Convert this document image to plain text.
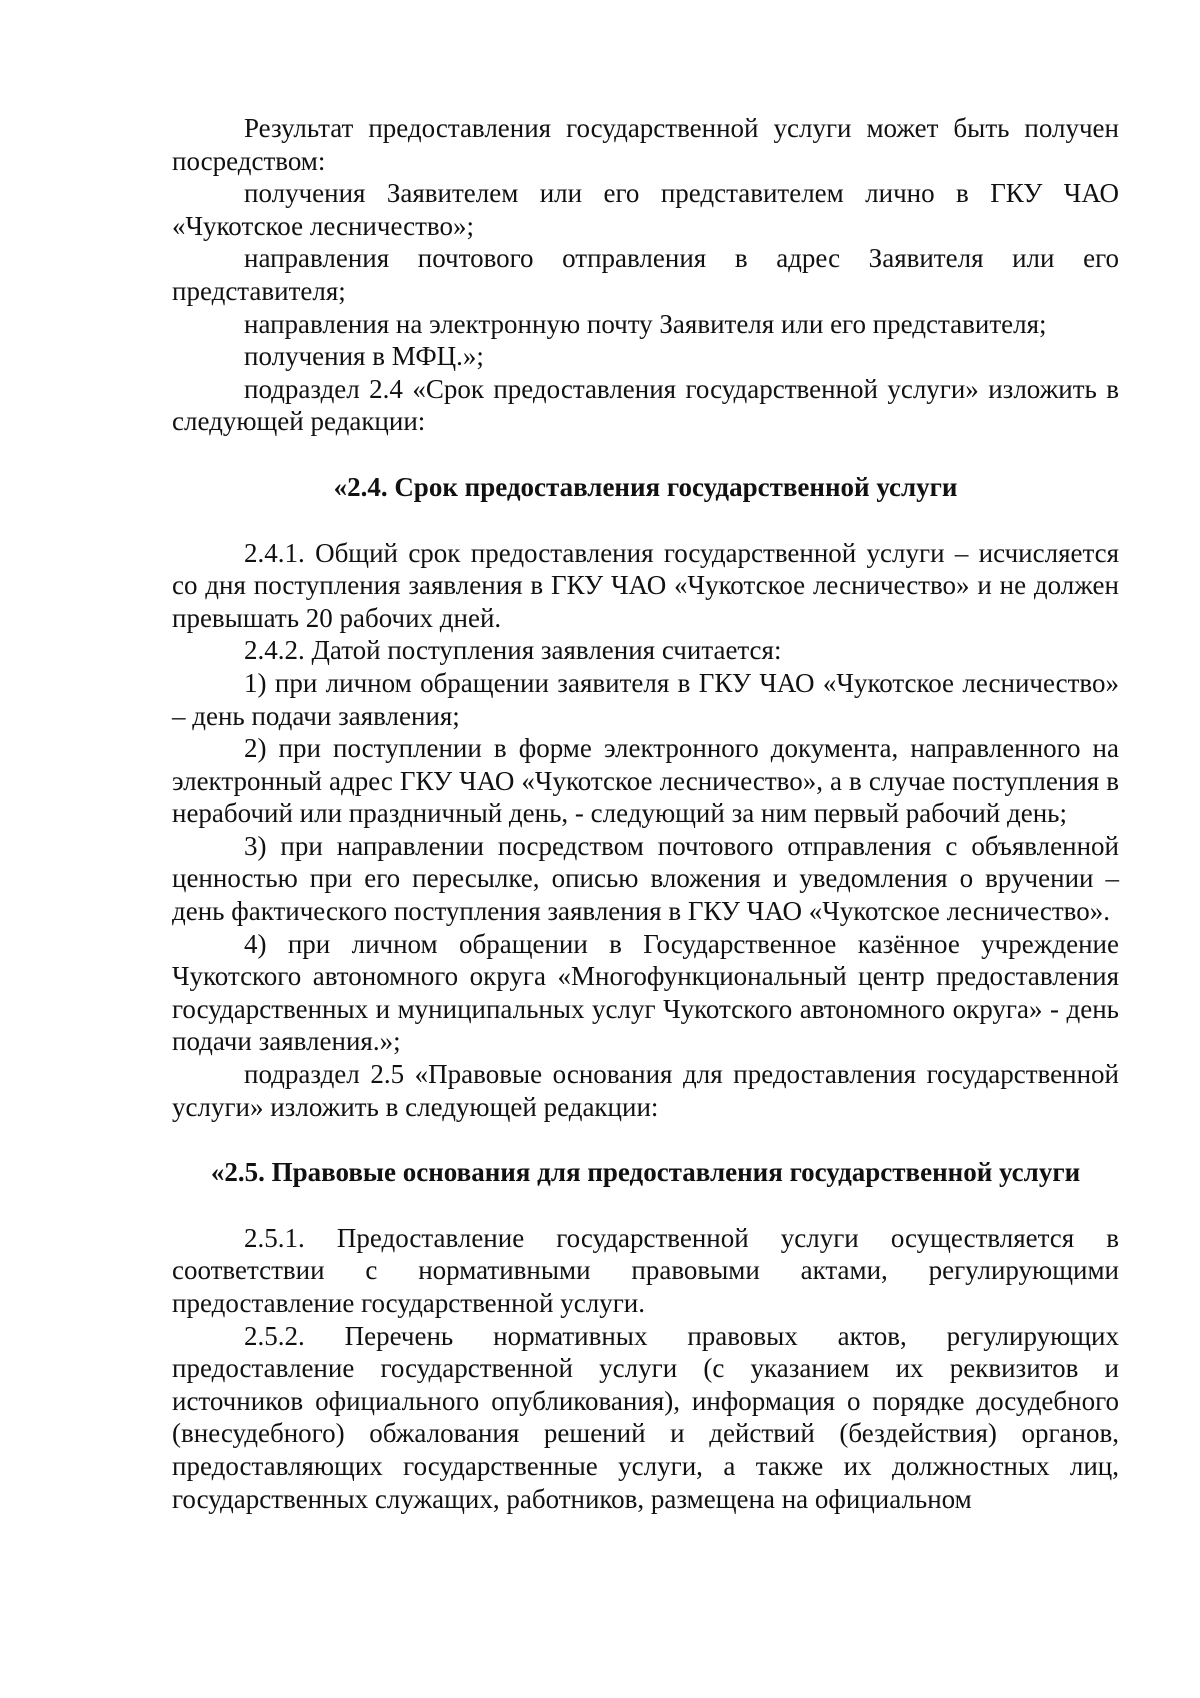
Результат предоставления государственной услуги может быть получен посредством:

получения Заявителем или его представителем лично в ГКУ ЧАО «Чукотское лесничество»;

направления почтового отправления в адрес Заявителя или его представителя;

направления на электронную почту Заявителя или его представителя;

получения в МФЦ.»;

подраздел 2.4 «Срок предоставления государственной услуги» изложить в следующей редакции:

«2.4. Срок предоставления государственной услуги

2.4.1. Общий срок предоставления государственной услуги – исчисляется со дня поступления заявления в ГКУ ЧАО «Чукотское лесничество» и не должен превышать 20 рабочих дней.

2.4.2. Датой поступления заявления считается:

1) при личном обращении заявителя в ГКУ ЧАО «Чукотское лесничество» – день подачи заявления;

2) при поступлении в форме электронного документа, направленного на электронный адрес ГКУ ЧАО «Чукотское лесничество», а в случае поступления в нерабочий или праздничный день, - следующий за ним первый рабочий день;

3) при направлении посредством почтового отправления с объявленной ценностью при его пересылке, описью вложения и уведомления о вручении – день фактического поступления заявления в ГКУ ЧАО «Чукотское лесничество».

4) при личном обращении в Государственное казённое учреждение Чукотского автономного округа «Многофункциональный центр предоставления государственных и муниципальных услуг Чукотского автономного округа» - день подачи заявления.»;

подраздел 2.5 «Правовые основания для предоставления государственной услуги» изложить в следующей редакции:

«2.5. Правовые основания для предоставления государственной услуги

2.5.1. Предоставление государственной услуги осуществляется в соответствии с нормативными правовыми актами, регулирующими предоставление государственной услуги.

2.5.2. Перечень нормативных правовых актов, регулирующих предоставление государственной услуги (с указанием их реквизитов и источников официального опубликования), информация о порядке досудебного (внесудебного) обжалования решений и действий (бездействия) органов, предоставляющих государственные услуги, а также их должностных лиц, государственных служащих, работников, размещена на официальном
